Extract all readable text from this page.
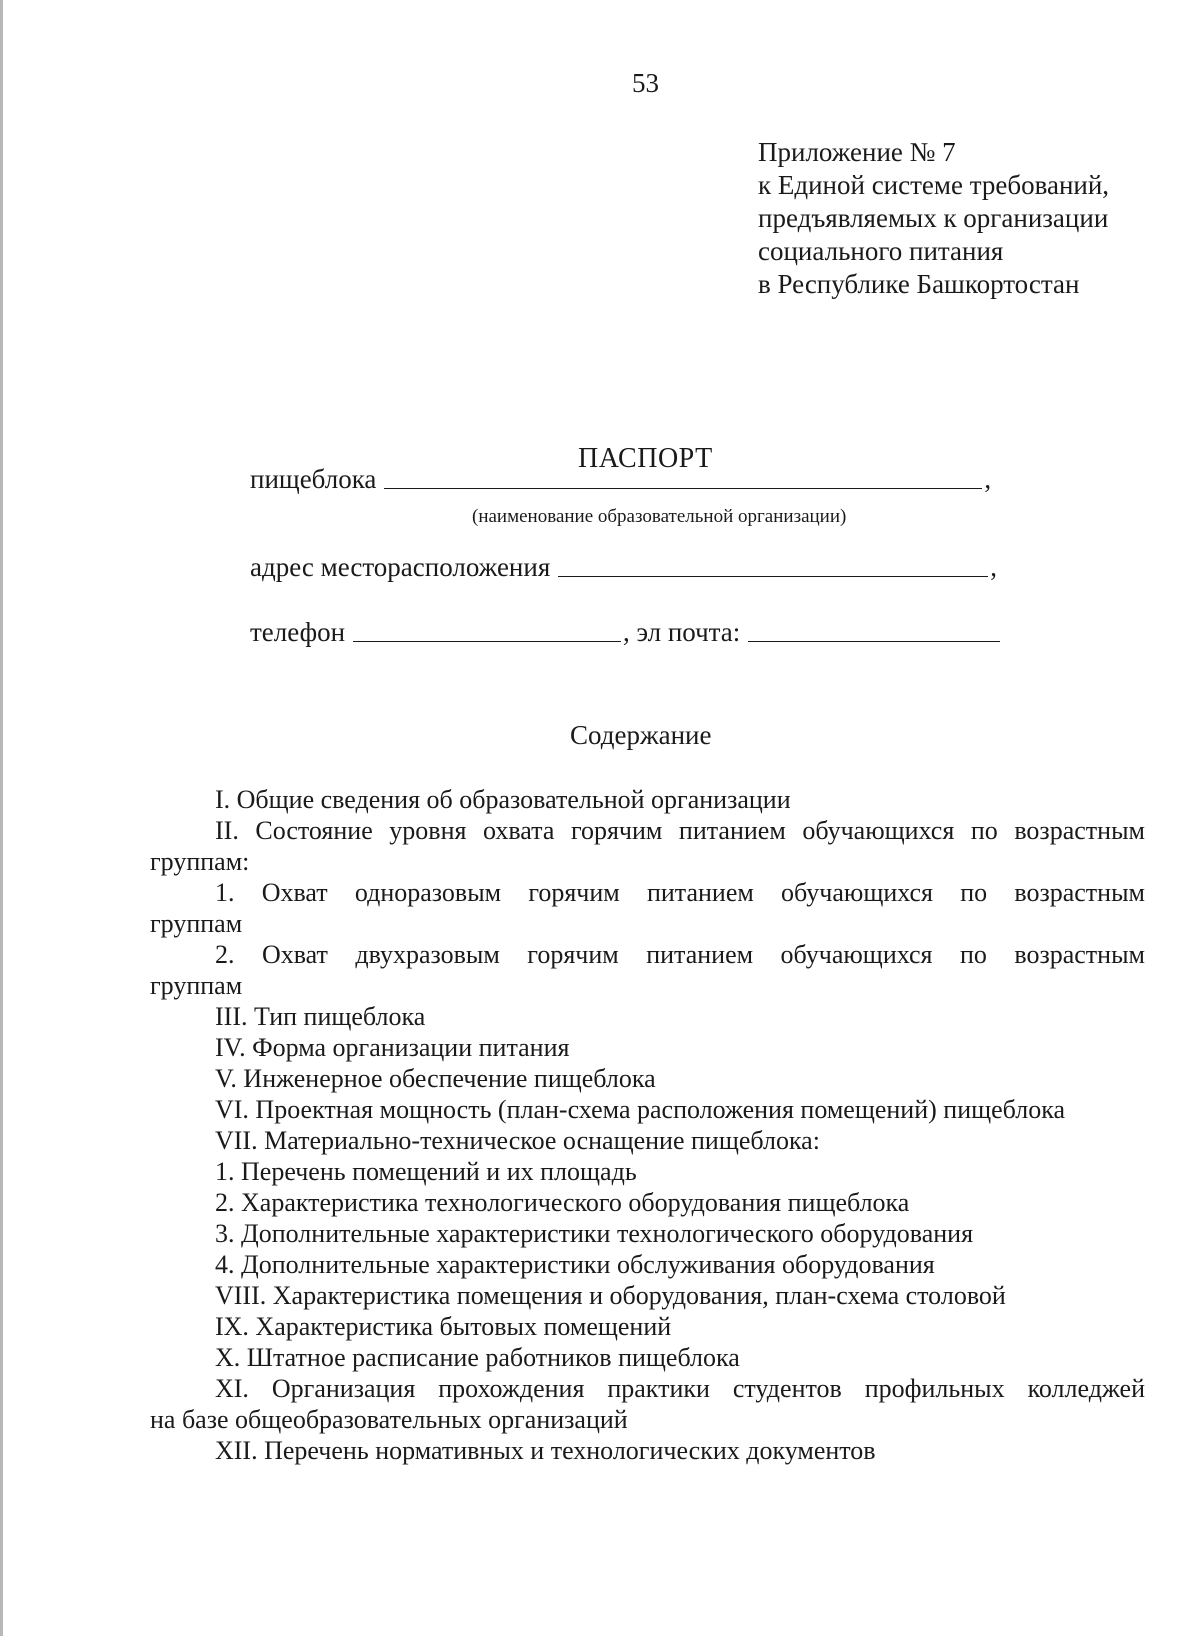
53
Приложение № 7
к Единой системе требований,
предъявляемых к организации
социального питания
в Республике Башкортостан
ПАСПОРТ
пищеблока	,
(наименование образовательной организации)
адрес месторасположения	,
телефон	, эл почта:
Содержание
I. Общие сведения об образовательной организации
II. Состояние уровня охвата горячим питанием обучающихся по возрастным
группам:
1. Охват одноразовым горячим питанием обучающихся по возрастным
группам
2. Охват двухразовым горячим питанием обучающихся по возрастным
группам
III. Тип пищеблока
IV. Форма организации питания
V. Инженерное обеспечение пищеблока
VI. Проектная мощность (план-схема расположения помещений) пищеблока
VII. Материально-техническое оснащение пищеблока:
1. Перечень помещений и их площадь
2. Характеристика технологического оборудования пищеблока
3. Дополнительные характеристики технологического оборудования
4. Дополнительные характеристики обслуживания оборудования
VIII. Характеристика помещения и оборудования, план-схема столовой
IX. Характеристика бытовых помещений
X. Штатное расписание работников пищеблока
XI. Организация прохождения практики студентов профильных колледжей
на базе общеобразовательных организаций
XII. Перечень нормативных и технологических документов
